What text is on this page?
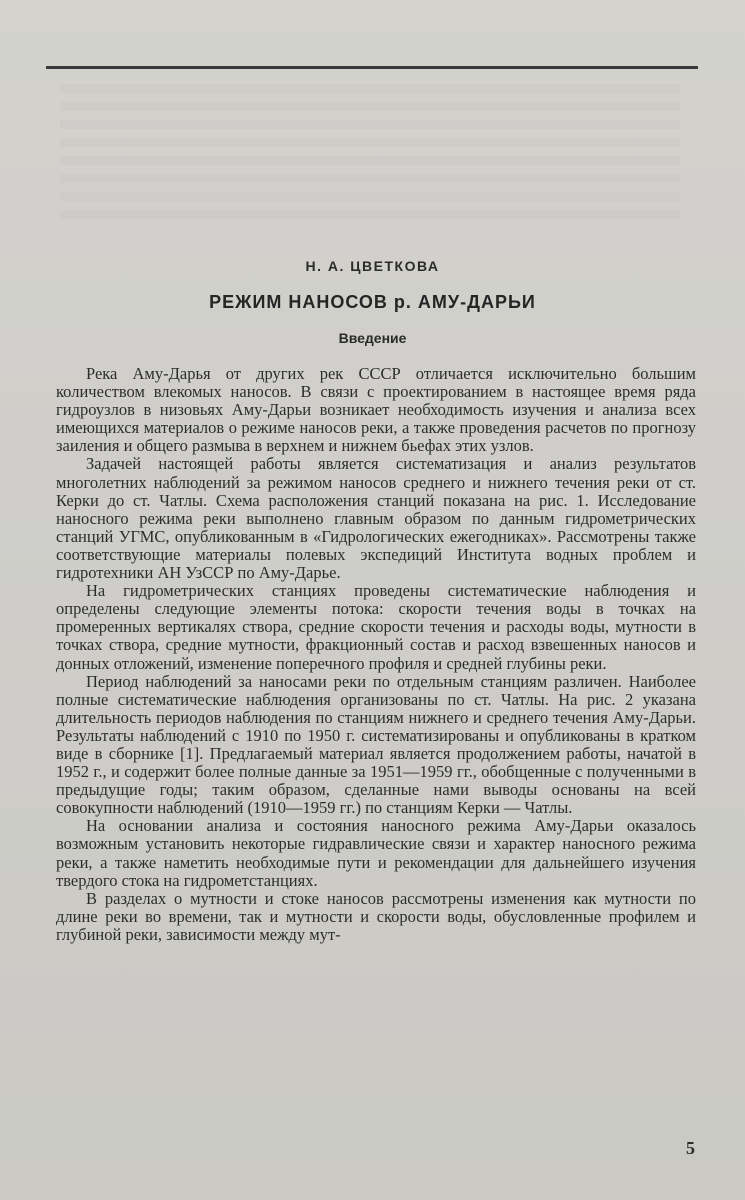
Н. А. ЦВЕТКОВА
РЕЖИМ НАНОСОВ р. АМУ-ДАРЬИ
Введение

Река Аму-Дарья от других рек СССР отличается исключительно большим количеством влекомых наносов. В связи с проектированием в настоящее время ряда гидроузлов в низовьях Аму-Дарьи возникает необходимость изучения и анализа всех имеющихся материалов о режиме наносов реки, а также проведения расчетов по прогнозу заиления и общего размыва в верхнем и нижнем бьефах этих узлов.

Задачей настоящей работы является систематизация и анализ результатов многолетних наблюдений за режимом наносов среднего и нижнего течения реки от ст. Керки до ст. Чатлы. Схема расположения станций показана на рис. 1. Исследование наносного режима реки выполнено главным образом по данным гидрометрических станций УГМС, опубликованным в «Гидрологических ежегодниках». Рассмотрены также соответствующие материалы полевых экспедиций Института водных проблем и гидротехники АН УзССР по Аму-Дарье.

На гидрометрических станциях проведены систематические наблюдения и определены следующие элементы потока: скорости течения воды в точках на промеренных вертикалях створа, средние скорости течения и расходы воды, мутности в точках створа, средние мутности, фракционный состав и расход взвешенных наносов и донных отложений, изменение поперечного профиля и средней глубины реки.

Период наблюдений за наносами реки по отдельным станциям различен. Наиболее полные систематические наблюдения организованы по ст. Чатлы. На рис. 2 указана длительность периодов наблюдения по станциям нижнего и среднего течения Аму-Дарьи. Результаты наблюдений с 1910 по 1950 г. систематизированы и опубликованы в кратком виде в сборнике [1]. Предлагаемый материал является продолжением работы, начатой в 1952 г., и содержит более полные данные за 1951—1959 гг., обобщенные с полученными в предыдущие годы; таким образом, сделанные нами выводы основаны на всей совокупности наблюдений (1910—1959 гг.) по станциям Керки — Чатлы.

На основании анализа и состояния наносного режима Аму-Дарьи оказалось возможным установить некоторые гидравлические связи и характер наносного режима реки, а также наметить необходимые пути и рекомендации для дальнейшего изучения твердого стока на гидрометстанциях.

В разделах о мутности и стоке наносов рассмотрены изменения как мутности по длине реки во времени, так и мутности и скорости воды, обусловленные профилем и глубиной реки, зависимости между мут-

5
